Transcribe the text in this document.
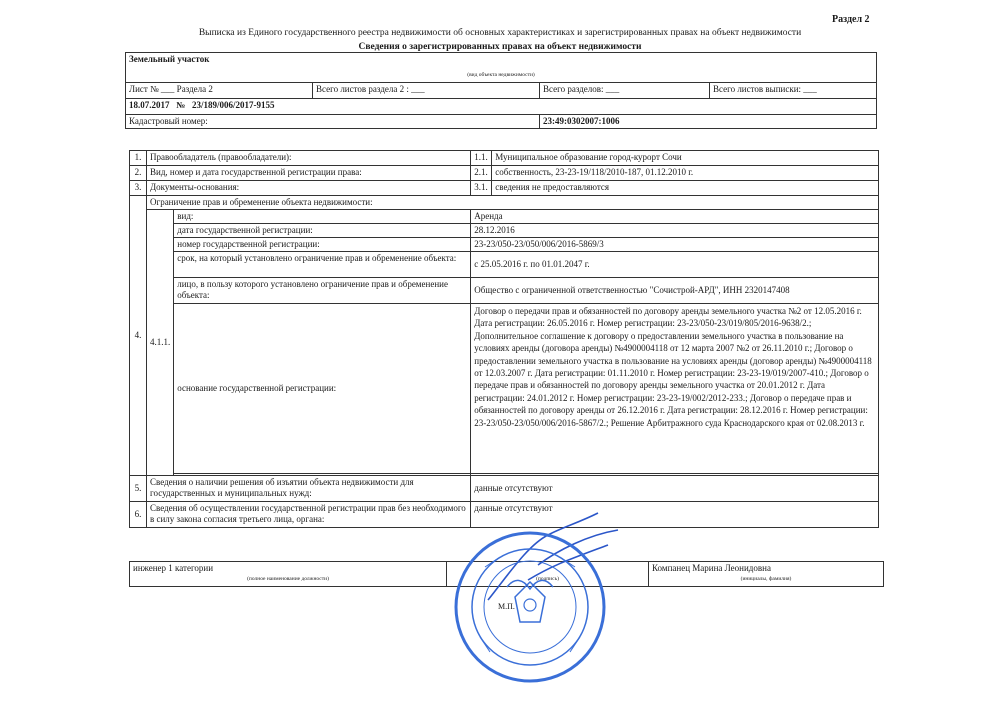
Раздел 2
Выписка из Единого государственного реестра недвижимости об основных характеристиках и зарегистрированных правах на объект недвижимости
Сведения о зарегистрированных правах на объект недвижимости
Земельный участок
(вид объекта недвижимости)			

Лист № ___ Раздела 2	Всего листов раздела 2 : ___	Всего разделов: ___	Всего листов выписки: ___
18.07.2017 № 23/189/006/2017-9155			
Кадастровый номер:		23:49:0302007:1006	
1.	Правообладатель (правообладатели):		1.1.	Муниципальное образование город-курорт Сочи
2.	Вид, номер и дата государственной регистрации права:		2.1.	собственность, 23-23-19/118/2010-187, 01.12.2010 г.
3.	Документы-основания:		3.1.	сведения не предоставляются
4.	Ограничение прав и обременение объекта недвижимости:			
	4.1.1.	вид:	Аренда	
		дата государственной регистрации:	28.12.2016	
		номер государственной регистрации:	23-23/050-23/050/006/2016-5869/3	
		срок, на который установлено ограничение прав и обременение объекта:	с 25.05.2016 г. по 01.01.2047 г.	
		лицо, в пользу которого установлено ограничение прав и обременение объекта:	Общество с ограниченной ответственностью "Сочистрой-АРД", ИНН 2320147408	
		основание государственной регистрации:	Договор о передачи прав и обязанностей по договору аренды земельного участка №2 от 12.05.2016 г. Дата регистрации: 26.05.2016 г. Номер регистрации: 23-23/050-23/019/805/2016-9638/2.; Дополнительное соглашение к договору о предоставлении земельного участка в пользование на условиях аренды (договора аренды) №4900004118 от 12 марта 2007 №2 от 26.11.2010 г.; Договор о предоставлении земельного участка в пользование на условиях аренды (договор аренды) №4900004118 от 12.03.2007 г. Дата регистрации: 01.11.2010 г. Номер регистрации: 23-23-19/019/2007-410.; Договор о передаче прав и обязанностей по договору аренды земельного участка от 20.01.2012 г. Дата регистрации: 24.01.2012 г. Номер регистрации: 23-23-19/002/2012-233.; Договор о передаче прав и обязанностей по договору аренды от 26.12.2016 г. Дата регистрации: 28.12.2016 г. Номер регистрации: 23-23/050-23/050/006/2016-5867/2.; Решение Арбитражного суда Краснодарского края от 02.08.2013 г.	

5.	Сведения о наличии решения об изъятии объекта недвижимости для государственных и муниципальных нужд:		данные отсутствуют	
6.	Сведения об осуществлении государственной регистрации прав без необходимого в силу закона согласия третьего лица, органа:		данные отсутствуют	
инженер 1 категории
(полное наименование должности)	(подпись)
	Компанец Марина Леонидовна
(инициалы, фамилия)
М.П.
